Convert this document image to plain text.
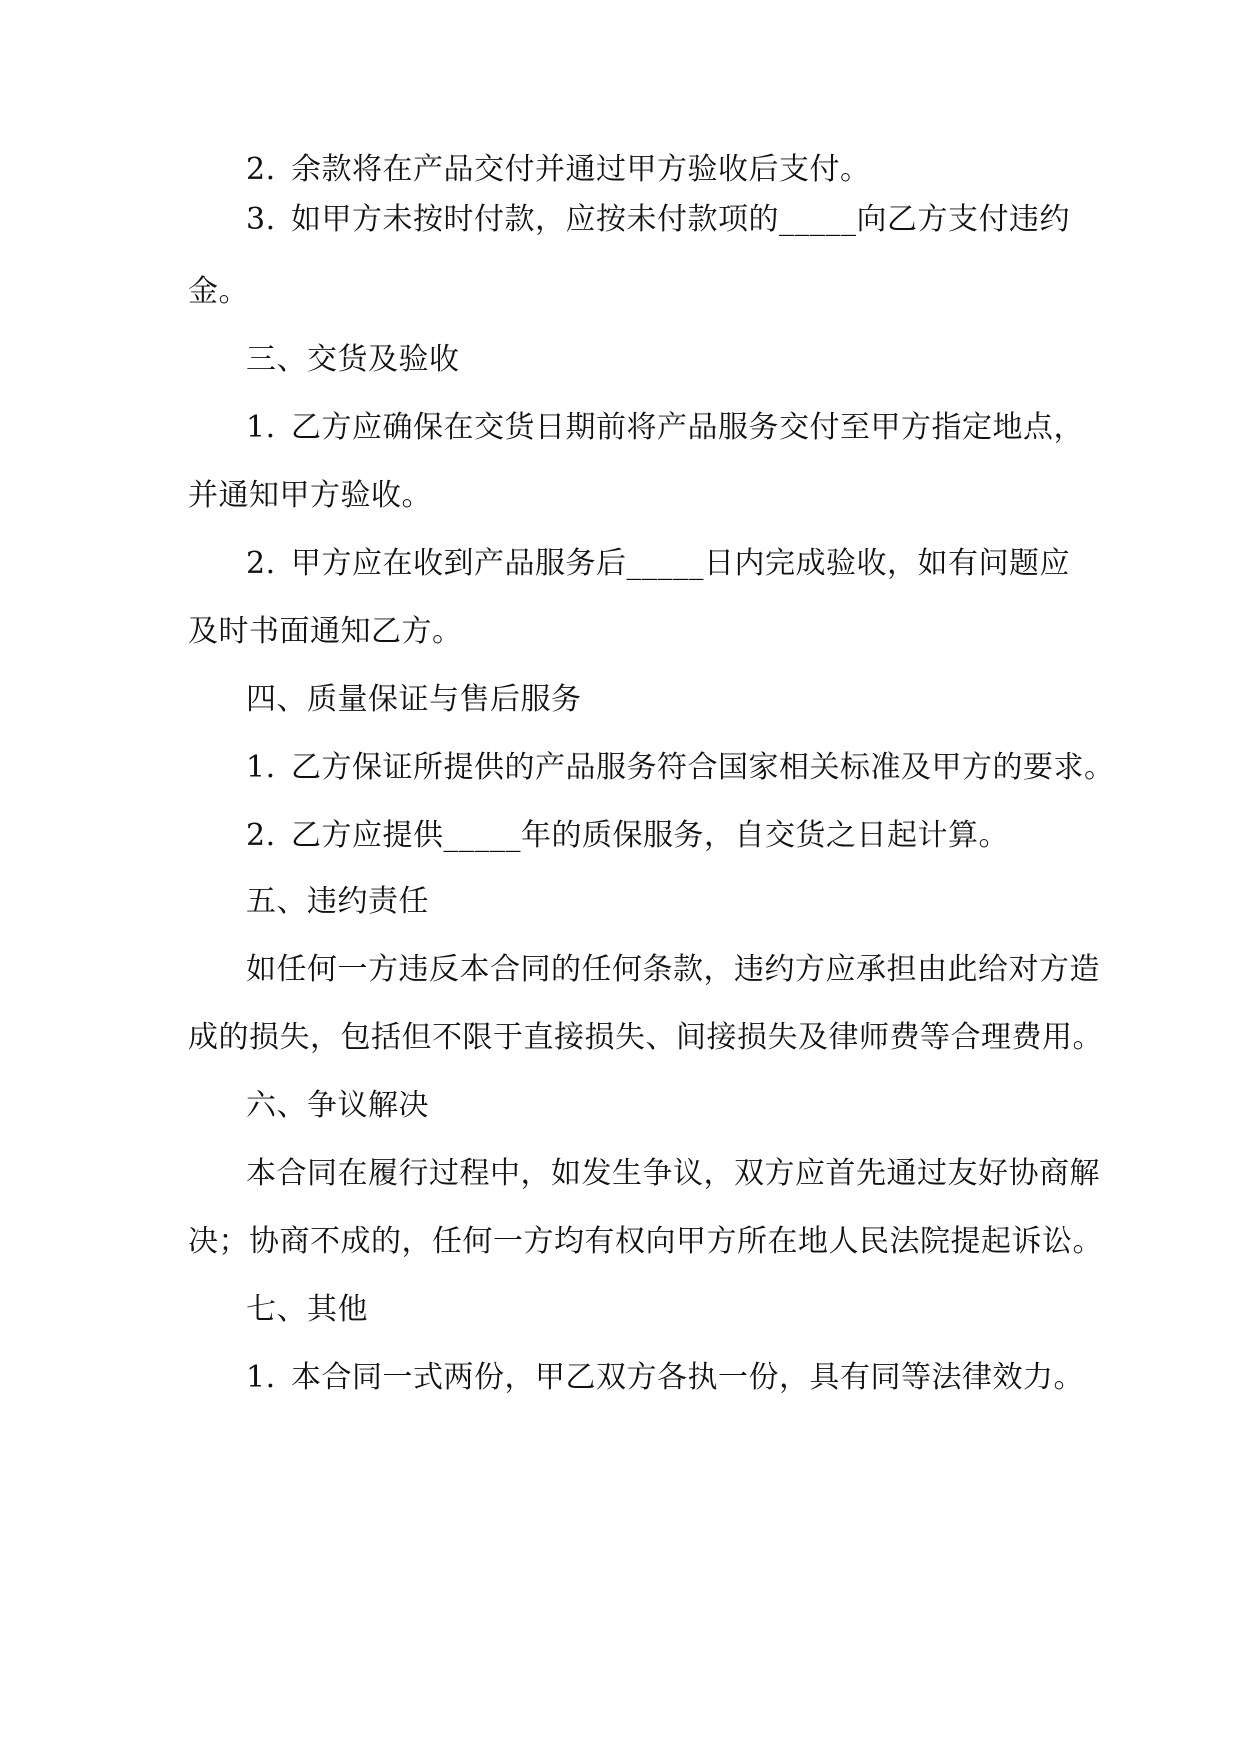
2. 余款将在产品交付并通过甲方验收后支付。
3. 如甲方未按时付款，应按未付款项的_____向乙方支付违约
金。
三、交货及验收
1. 乙方应确保在交货日期前将产品服务交付至甲方指定地点，
并通知甲方验收。
2. 甲方应在收到产品服务后_____日内完成验收，如有问题应
及时书面通知乙方。
四、质量保证与售后服务
1. 乙方保证所提供的产品服务符合国家相关标准及甲方的要求。
2. 乙方应提供_____年的质保服务，自交货之日起计算。
五、违约责任
如任何一方违反本合同的任何条款，违约方应承担由此给对方造
成的损失，包括但不限于直接损失、间接损失及律师费等合理费用。
六、争议解决
本合同在履行过程中，如发生争议，双方应首先通过友好协商解
决；协商不成的，任何一方均有权向甲方所在地人民法院提起诉讼。
七、其他
1. 本合同一式两份，甲乙双方各执一份，具有同等法律效力。
